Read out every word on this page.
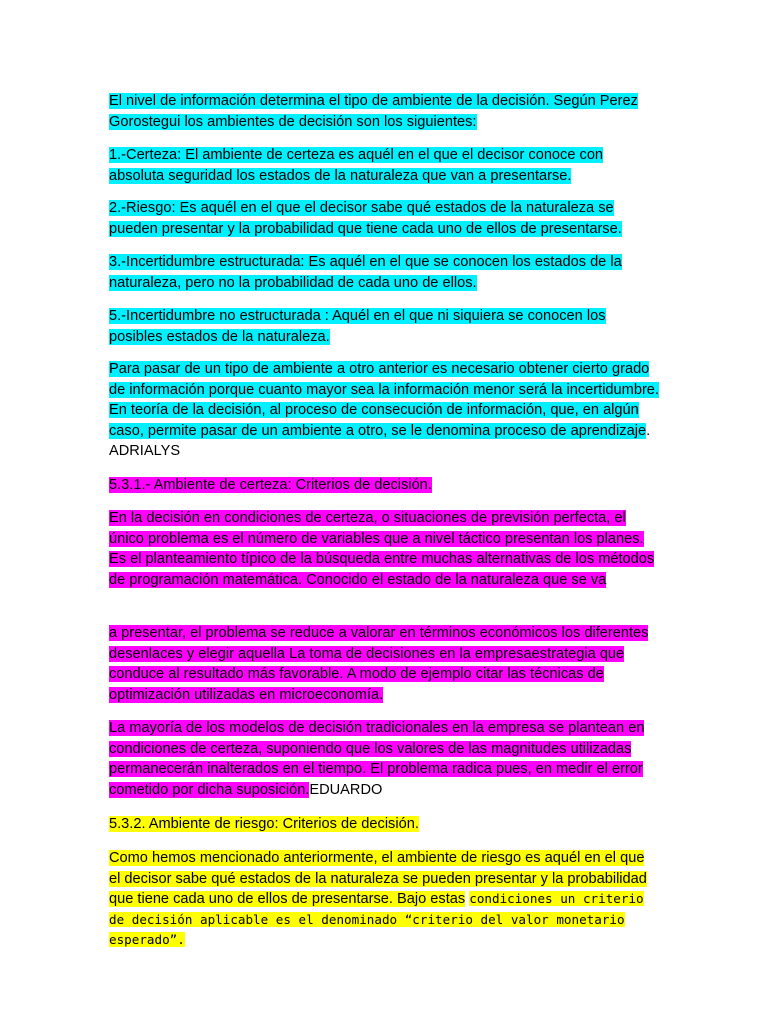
El nivel de información determina el tipo de ambiente de la decisión. Según Perez Gorostegui los ambientes de decisión son los siguientes:

1.-Certeza: El ambiente de certeza es aquél en el que el decisor conoce con absoluta seguridad los estados de la naturaleza que van a presentarse.

2.-Riesgo: Es aquél en el que el decisor sabe qué estados de la naturaleza se pueden presentar y la probabilidad que tiene cada uno de ellos de presentarse.

3.-Incertidumbre estructurada: Es aquél en el que se conocen los estados de la naturaleza, pero no la probabilidad de cada uno de ellos.

5.-Incertidumbre no estructurada : Aquél en el que ni siquiera se conocen los posibles estados de la naturaleza.

Para pasar de un tipo de ambiente a otro anterior es necesario obtener cierto grado de información porque cuanto mayor sea la información menor será la incertidumbre. En teoría de la decisión, al proceso de consecución de información, que, en algún caso, permite pasar de un ambiente a otro, se le denomina proceso de aprendizaje. ADRIALYS

5.3.1.- Ambiente de certeza: Criterios de decisión.

En la decisión en condiciones de certeza, o situaciones de previsión perfecta, el único problema es el número de variables que a nivel táctico presentan los planes. Es el planteamiento típico de la búsqueda entre muchas alternativas de los métodos de programación matemática. Conocido el estado de la naturaleza que se va

a presentar, el problema se reduce a valorar en términos económicos los diferentes desenlaces y elegir aquella La toma de decisiones en la empresaestrategia que conduce al resultado más favorable. A modo de ejemplo citar las técnicas de optimización utilizadas en microeconomía.

La mayoría de los modelos de decisión tradicionales en la empresa se plantean en condiciones de certeza, suponiendo que los valores de las magnitudes utilizadas permanecerán inalterados en el tiempo. El problema radica pues, en medir el error cometido por dicha suposición.EDUARDO

5.3.2. Ambiente de riesgo: Criterios de decisión.

Como hemos mencionado anteriormente, el ambiente de riesgo es aquél en el que el decisor sabe qué estados de la naturaleza se pueden presentar y la probabilidad que tiene cada uno de ellos de presentarse. Bajo estas condiciones un criterio de decisión aplicable es el denominado “criterio del valor monetario esperado”.
